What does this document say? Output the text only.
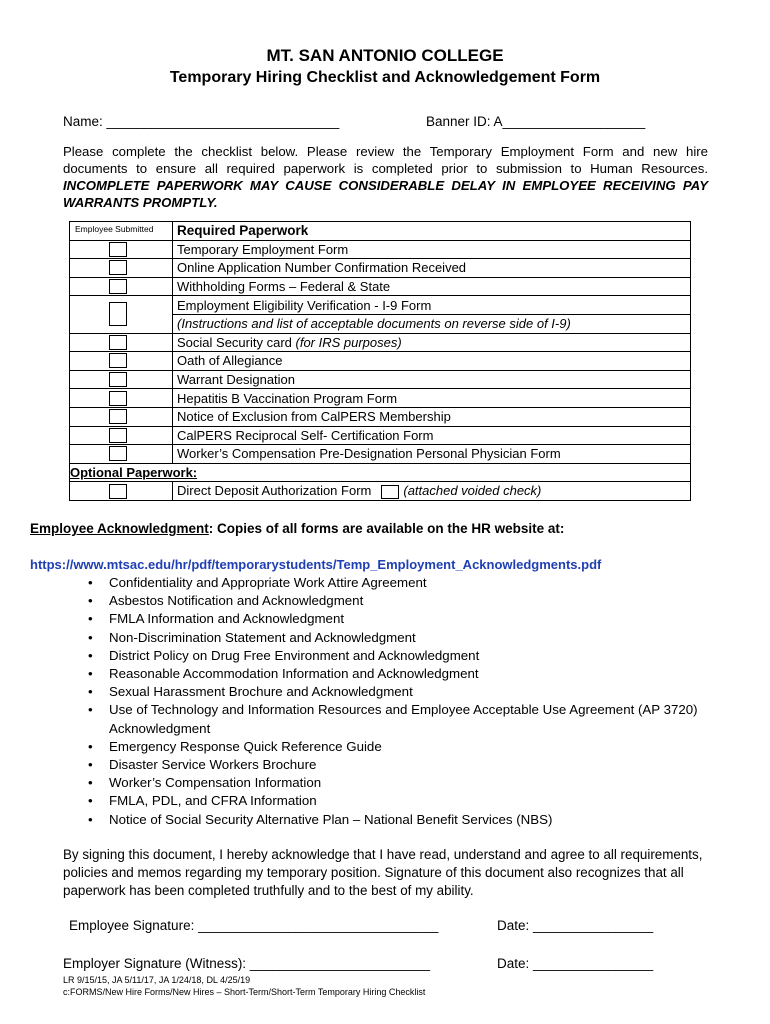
MT. SAN ANTONIO COLLEGE
Temporary Hiring Checklist and Acknowledgement Form
Name: _______________________________	Banner ID: A___________________
Please complete the checklist below. Please review the Temporary Employment Form and new hire documents to ensure all required paperwork is completed prior to submission to Human Resources. INCOMPLETE PAPERWORK MAY CAUSE CONSIDERABLE DELAY IN EMPLOYEE RECEIVING PAY WARRANTS PROMPTLY.
Employee Submitted	Required Paperwork

	Temporary Employment Form

	Online Application Number Confirmation Received

	Withholding Forms – Federal & State

	Employment Eligibility Verification - I-9 Form
	(Instructions and list of acceptable documents on reverse side of I-9)

	Social Security card (for IRS purposes)

	Oath of Allegiance

	Warrant Designation

	Hepatitis B Vaccination Program Form

	Notice of Exclusion from CalPERS Membership

	CalPERS Reciprocal Self- Certification Form

	Worker’s Compensation Pre-Designation Personal Physician Form
Optional Paperwork:	

	Direct Deposit Authorization Form (attached voided check)
Employee Acknowledgment: Copies of all forms are available on the HR website at:
https://www.mtsac.edu/hr/pdf/temporarystudents/Temp_Employment_Acknowledgments.pdf
• Confidentiality and Appropriate Work Attire Agreement
• Asbestos Notification and Acknowledgment
• FMLA Information and Acknowledgment
• Non-Discrimination Statement and Acknowledgment
• District Policy on Drug Free Environment and Acknowledgment
• Reasonable Accommodation Information and Acknowledgment
• Sexual Harassment Brochure and Acknowledgment
• Use of Technology and Information Resources and Employee Acceptable Use Agreement (AP 3720) Acknowledgment
• Emergency Response Quick Reference Guide
• Disaster Service Workers Brochure
• Worker’s Compensation Information
• FMLA, PDL, and CFRA Information
• Notice of Social Security Alternative Plan – National Benefit Services (NBS)
By signing this document, I hereby acknowledge that I have read, understand and agree to all requirements, policies and memos regarding my temporary position. Signature of this document also recognizes that all paperwork has been completed truthfully and to the best of my ability.
Employee Signature: ________________________________	Date: ________________
Employer Signature (Witness): ________________________	Date: ________________
LR 9/15/15, JA 5/11/17, JA 1/24/18, DL 4/25/19
c:FORMS/New Hire Forms/New Hires – Short-Term/Short-Term Temporary Hiring Checklist
